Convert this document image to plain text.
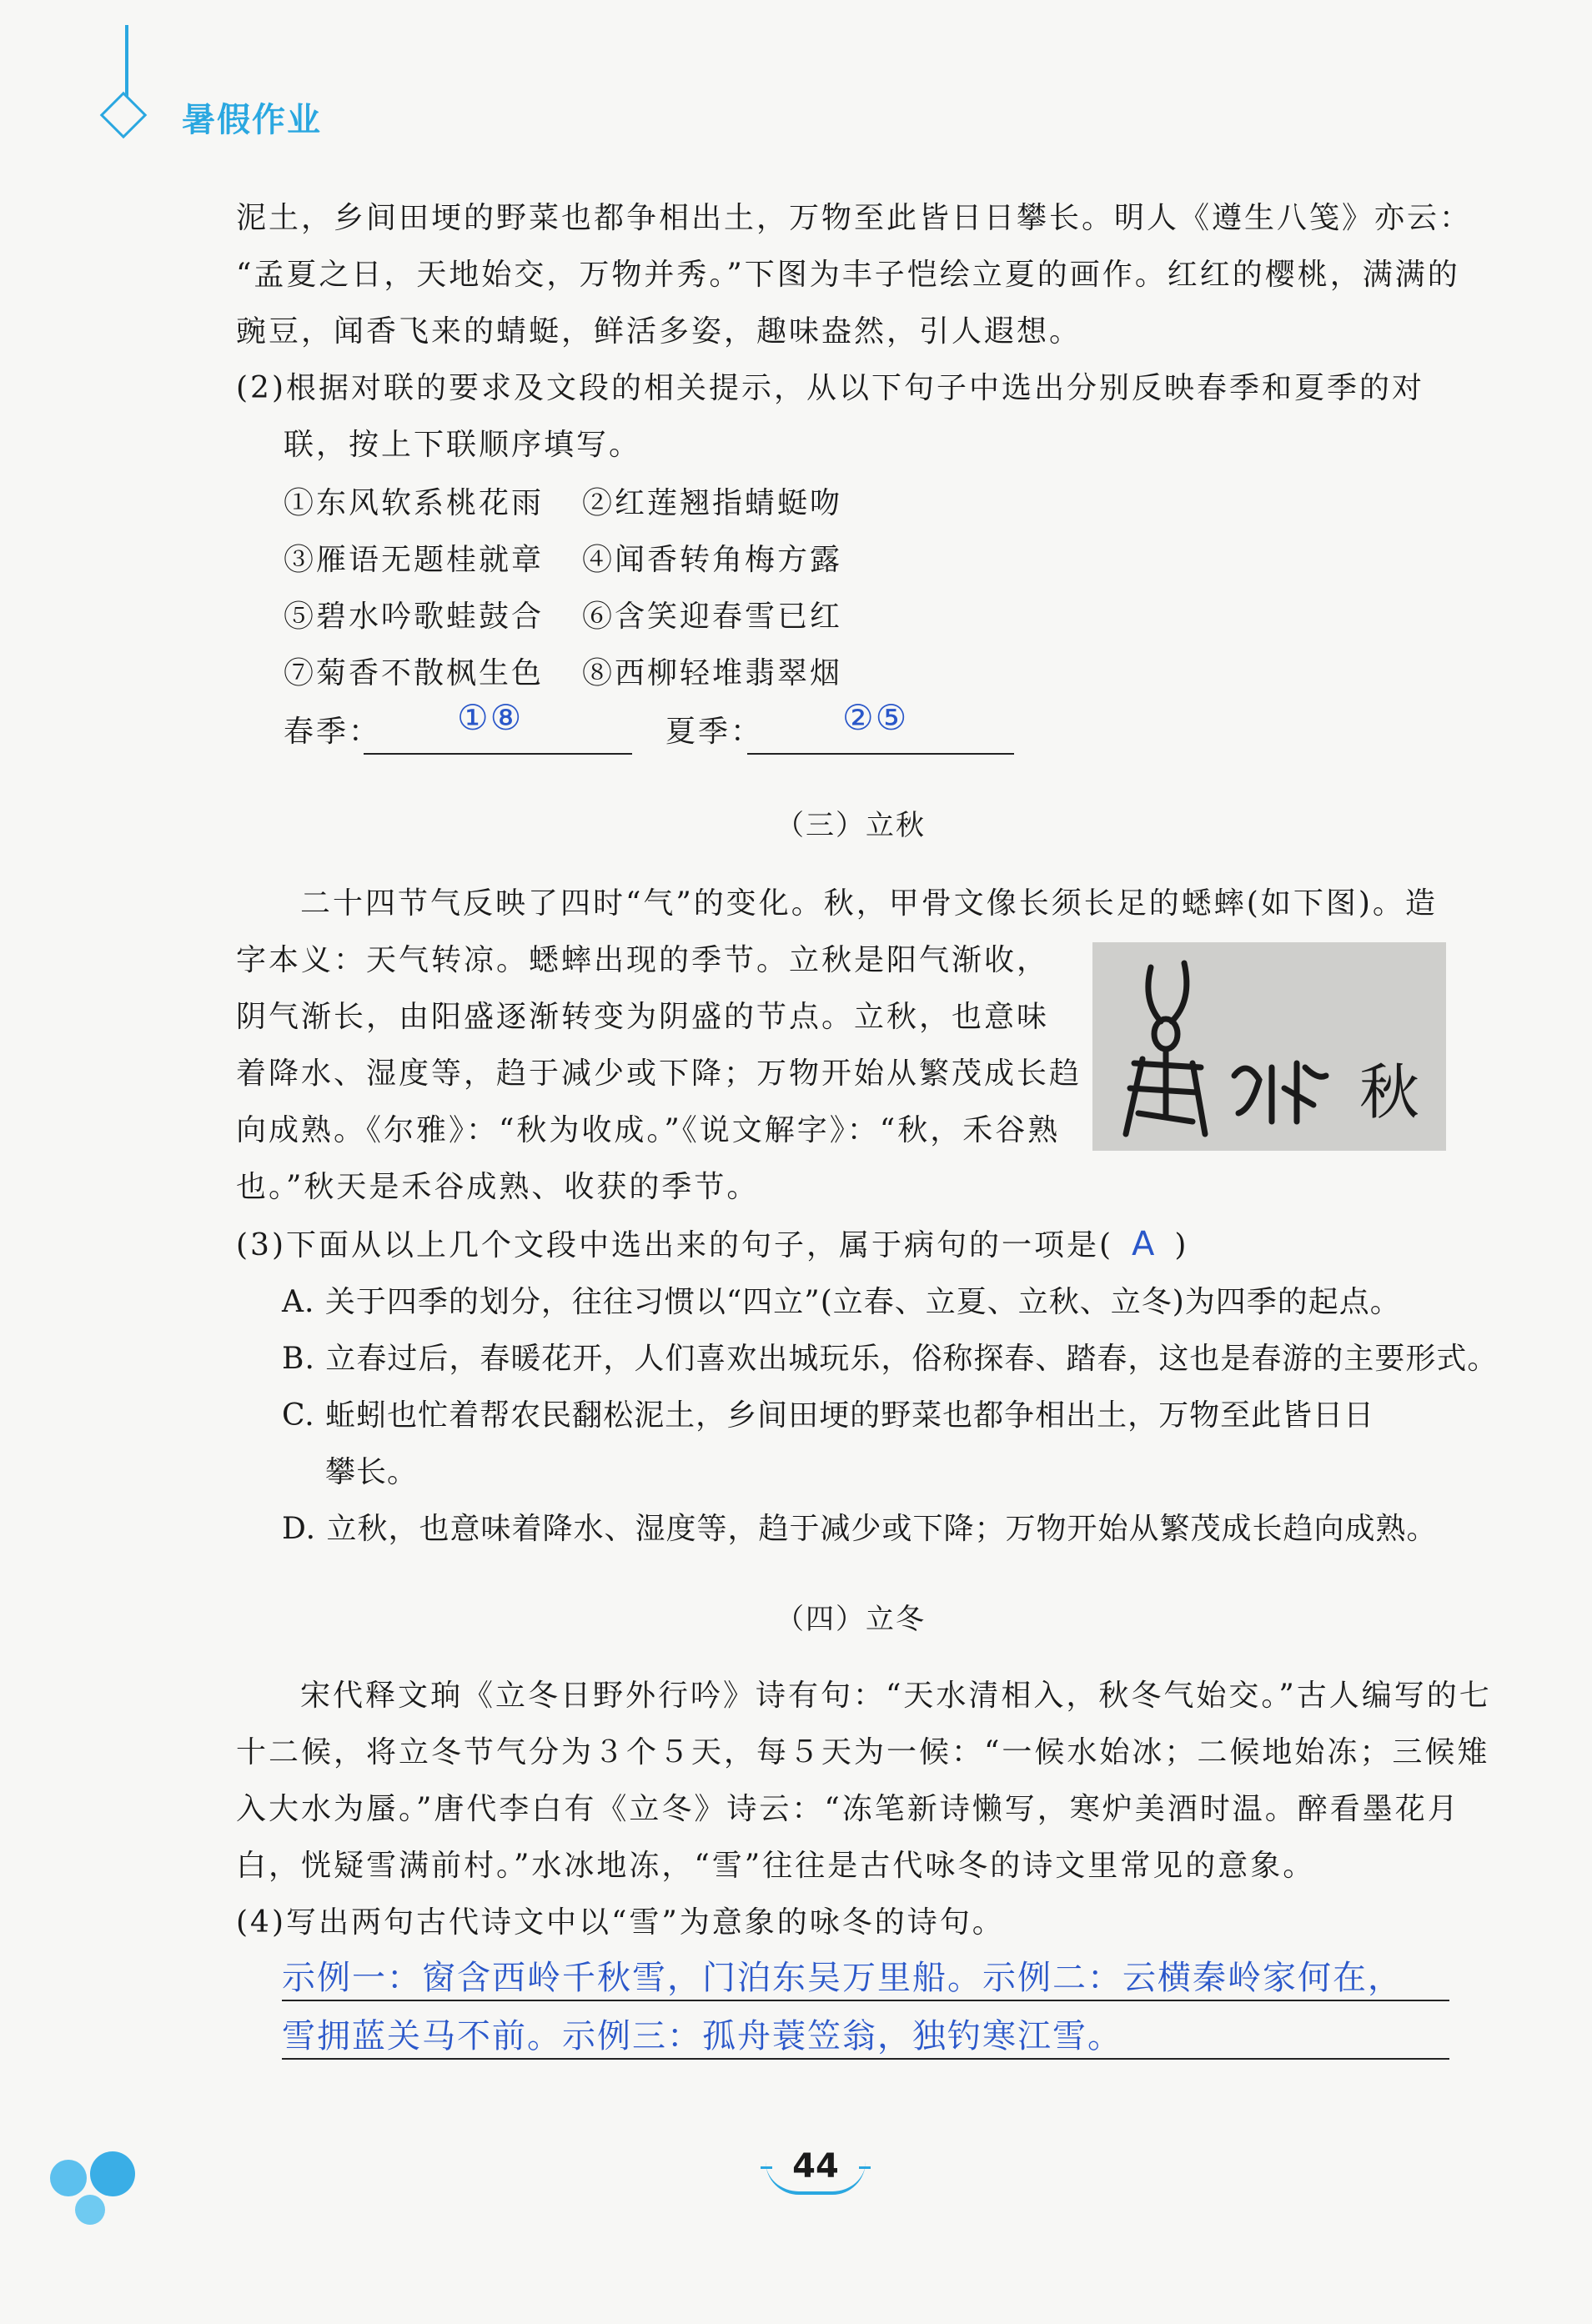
暑假作业
泥土，乡间田埂的野菜也都争相出土，万物至此皆日日攀长。明人《遵生八笺》亦云：
“孟夏之日，天地始交，万物并秀。”下图为丰子恺绘立夏的画作。红红的樱桃，满满的
豌豆，闻香飞来的蜻蜓，鲜活多姿，趣味盎然，引人遐想。
(2)根据对联的要求及文段的相关提示，从以下句子中选出分别反映春季和夏季的对
联，按上下联顺序填写。
①东风软系桃花雨 ②红莲翘指蜻蜓吻
③雁语无题桂就章 ④闻香转角梅方露
⑤碧水吟歌蛙鼓合 ⑥含笑迎春雪已红
⑦菊香不散枫生色 ⑧西柳轻堆翡翠烟
春季： ①⑧	夏季： ②⑤
（三）立秋
二十四节气反映了四时“气”的变化。秋，甲骨文像长须长足的蟋蟀(如下图)。造
字本义：天气转凉。蟋蟀出现的季节。立秋是阳气渐收，
阴气渐长，由阳盛逐渐转变为阴盛的节点。立秋，也意味
着降水、湿度等，趋于减少或下降；万物开始从繁茂成长趋
向成熟。《尔雅》：“秋为收成。”《说文解字》：“秋，禾谷熟
也。”秋天是禾谷成熟、收获的季节。
秋
(3)下面从以上几个文段中选出来的句子，属于病句的一项是( A )
A. 关于四季的划分，往往习惯以“四立”(立春、立夏、立秋、立冬)为四季的起点。
B. 立春过后，春暖花开，人们喜欢出城玩乐，俗称探春、踏春，这也是春游的主要形式。
C. 蚯蚓也忙着帮农民翻松泥土，乡间田埂的野菜也都争相出土，万物至此皆日日
攀长。
D. 立秋，也意味着降水、湿度等，趋于减少或下降；万物开始从繁茂成长趋向成熟。
（四）立冬
宋代释文珦《立冬日野外行吟》诗有句：“天水清相入，秋冬气始交。”古人编写的七
十二候，将立冬节气分为３个５天，每５天为一候：“一候水始冰；二候地始冻；三候雉
入大水为蜃。”唐代李白有《立冬》诗云：“冻笔新诗懒写，寒炉美酒时温。醉看墨花月
白，恍疑雪满前村。”水冰地冻，“雪”往往是古代咏冬的诗文里常见的意象。
(4)写出两句古代诗文中以“雪”为意象的咏冬的诗句。
示例一：窗含西岭千秋雪，门泊东吴万里船。示例二：云横秦岭家何在，
雪拥蓝关马不前。示例三：孤舟蓑笠翁，独钓寒江雪。
44
